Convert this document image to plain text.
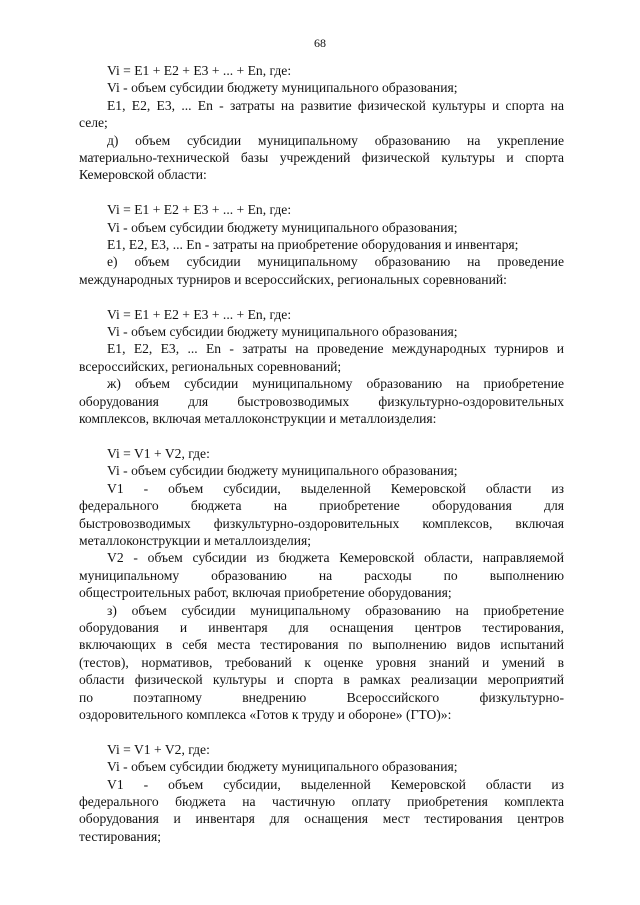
68

Vi = E1 + E2 + E3 + ... + En, где:

Vi - объем субсидии бюджету муниципального образования;

E1, E2, E3, ... En - затраты на развитие физической культуры и спорта на

селе;

д) объем субсидии муниципальному образованию на укрепление

материально-технической базы учреждений физической культуры и спорта

Кемеровской области:

Vi = E1 + E2 + E3 + ... + En, где:

Vi - объем субсидии бюджету муниципального образования;

E1, E2, E3, ... En - затраты на приобретение оборудования и инвентаря;

е) объем субсидии муниципальному образованию на проведение

международных турниров и всероссийских, региональных соревнований:

Vi = E1 + E2 + E3 + ... + En, где:

Vi - объем субсидии бюджету муниципального образования;

E1, E2, E3, ... En - затраты на проведение международных турниров и

всероссийских, региональных соревнований;

ж) объем субсидии муниципальному образованию на приобретение

оборудования для быстровозводимых физкультурно-оздоровительных

комплексов, включая металлоконструкции и металлоизделия:

Vi = V1 + V2, где:

Vi - объем субсидии бюджету муниципального образования;

V1 - объем субсидии, выделенной Кемеровской области из

федерального бюджета на приобретение оборудования для

быстровозводимых физкультурно-оздоровительных комплексов, включая

металлоконструкции и металлоизделия;

V2 - объем субсидии из бюджета Кемеровской области, направляемой

муниципальному образованию на расходы по выполнению

общестроительных работ, включая приобретение оборудования;

з) объем субсидии муниципальному образованию на приобретение

оборудования и инвентаря для оснащения центров тестирования,

включающих в себя места тестирования по выполнению видов испытаний

(тестов), нормативов, требований к оценке уровня знаний и умений в

области физической культуры и спорта в рамках реализации мероприятий

по поэтапному внедрению Всероссийского физкультурно-

оздоровительного комплекса «Готов к труду и обороне» (ГТО)»:

Vi = V1 + V2, где:

Vi - объем субсидии бюджету муниципального образования;

V1 - объем субсидии, выделенной Кемеровской области из

федерального бюджета на частичную оплату приобретения комплекта

оборудования и инвентаря для оснащения мест тестирования центров

тестирования;
